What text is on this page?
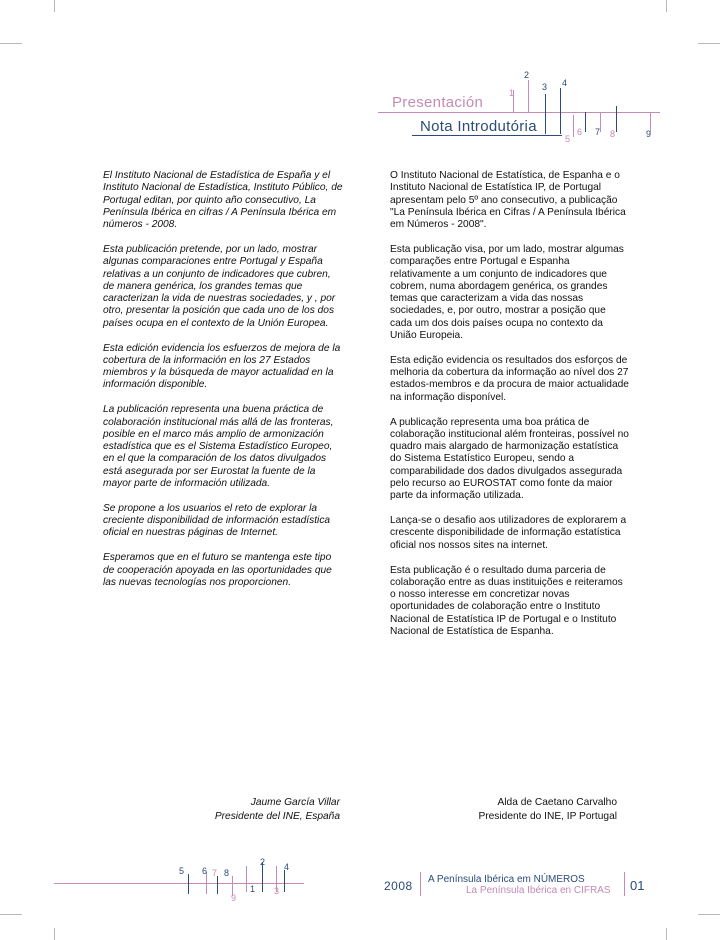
Presentación
Nota Introdutória
1
2
3 4
5
6 7 8	9

El Instituto Nacional de Estadística de España y el Instituto Nacional de Estadística, Instituto Público, de Portugal editan, por quinto año consecutivo, La Península Ibérica en cifras / A Península Ibérica em números - 2008.

Esta publicación pretende, por un lado, mostrar algunas comparaciones entre Portugal y España relativas a un conjunto de indicadores que cubren, de manera genérica, los grandes temas que caracterizan la vida de nuestras sociedades, y , por otro, presentar la posición que cada uno de los dos países ocupa en el contexto de la Unión Europea.

Esta edición evidencia los esfuerzos de mejora de la cobertura de la información en los 27 Estados miembros y la búsqueda de mayor actualidad en la información disponible.

La publicación representa una buena práctica de colaboración institucional más allá de las fronteras, posible en el marco más amplio de armonización estadística que es el Sistema Estadístico Europeo, en el que la comparación de los datos divulgados está asegurada por ser Eurostat la fuente de la mayor parte de información utilizada.

Se propone a los usuarios el reto de explorar la creciente disponibilidad de información estadística oficial en nuestras páginas de Internet.

Esperamos que en el futuro se mantenga este tipo de cooperación apoyada en las oportunidades que las nuevas tecnologías nos proporcionen.

O Instituto Nacional de Estatística, de Espanha e o Instituto Nacional de Estatística IP, de Portugal apresentam pelo 5º ano consecutivo, a publicação "La Península Ibérica en Cifras / A Península Ibérica em Números - 2008".

Esta publicação visa, por um lado, mostrar algumas comparações entre Portugal e Espanha relativamente a um conjunto de indicadores que cobrem, numa abordagem genérica, os grandes temas que caracterizam a vida das nossas sociedades, e, por outro, mostrar a posição que cada um dos dois países ocupa no contexto da União Europeia.

Esta edição evidencia os resultados dos esforços de melhoria da cobertura da informação ao nível dos 27 estados-membros e da procura de maior actualidade na informação disponível.

A publicação representa uma boa prática de colaboração institucional além fronteiras, possível no quadro mais alargado de harmonização estatística do Sistema Estatístico Europeu, sendo a comparabilidade dos dados divulgados assegurada pelo recurso ao EUROSTAT como fonte da maior parte da informação utilizada.

Lança-se o desafio aos utilizadores de explorarem a crescente disponibilidade de informação estatística oficial nos nossos sites na internet.

Esta publicação é o resultado duma parceria de colaboração entre as duas instituições e reiteramos o nosso interesse em concretizar novas oportunidades de colaboração entre o Instituto Nacional de Estatística IP de Portugal e o Instituto Nacional de Estatística de Espanha.

Jaume García Villar
Presidente del INE, España
Alda de Caetano Carvalho
Presidente do INE, IP Portugal
5 6 7 8
9
1
2
3
4
2008 A Península Ibérica em NÚMEROS
La Península Ibérica en CIFRAS 01
